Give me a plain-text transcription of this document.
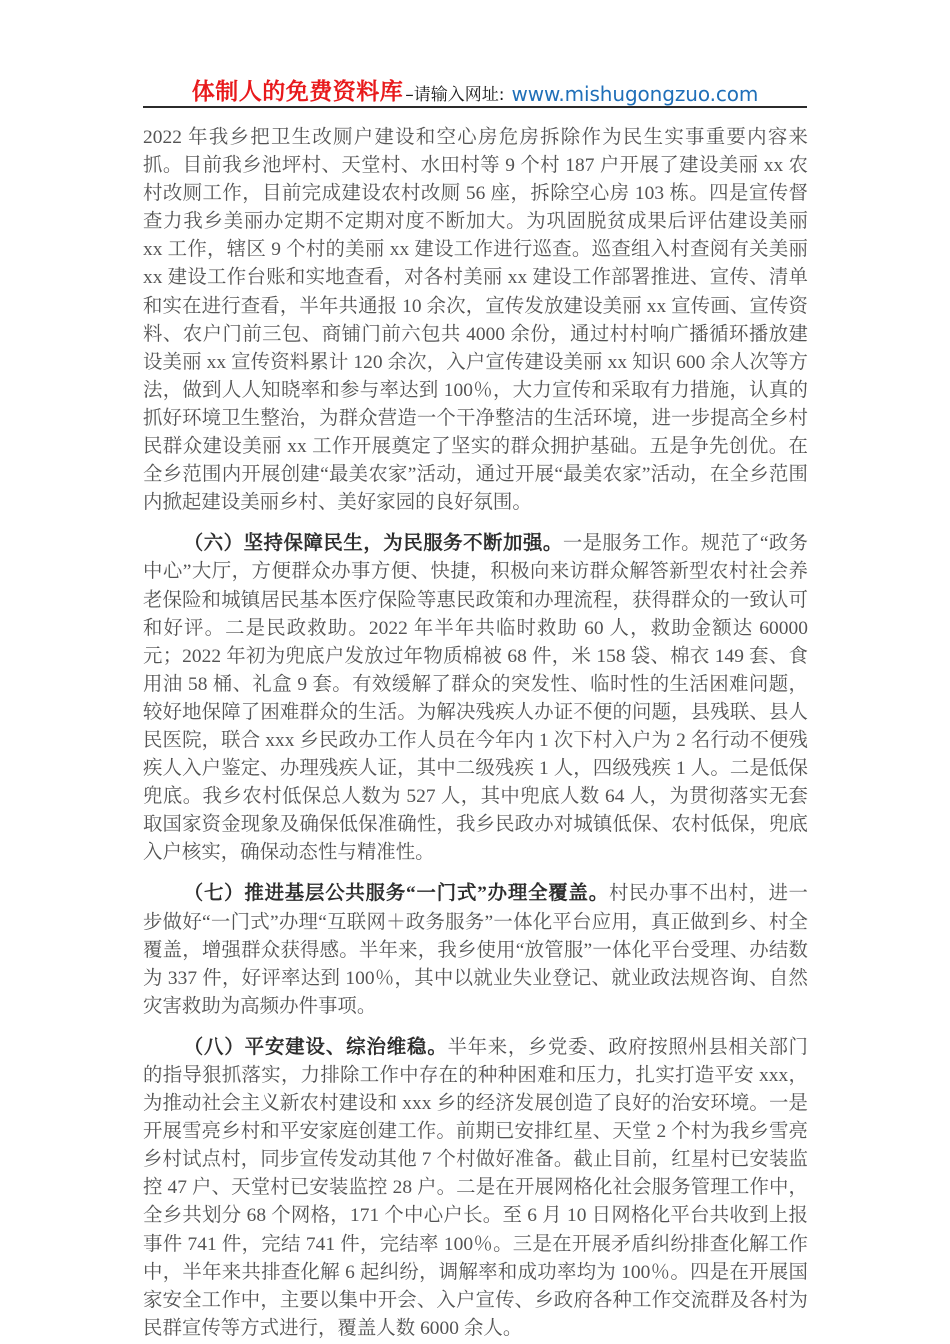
体制人的免费资料库 –请输入网址: www.mishugongzuo.com

2022 年我乡把卫生改厕户建设和空心房危房拆除作为民生实事重要内容来抓。目前我乡池坪村、天堂村、水田村等 9 个村 187 户开展了建设美丽 xx 农村改厕工作，目前完成建设农村改厕 56 座，拆除空心房 103 栋。四是宣传督查力我乡美丽办定期不定期对度不断加大。为巩固脱贫成果后评估建设美丽 xx 工作，辖区 9 个村的美丽 xx 建设工作进行巡查。巡查组入村查阅有关美丽 xx 建设工作台账和实地查看，对各村美丽 xx 建设工作部署推进、宣传、清单和实在进行查看，半年共通报 10 余次，宣传发放建设美丽 xx 宣传画、宣传资料、农户门前三包、商铺门前六包共 4000 余份，通过村村响广播循环播放建设美丽 xx 宣传资料累计 120 余次，入户宣传建设美丽 xx 知识 600 余人次等方法，做到人人知晓率和参与率达到 100％，大力宣传和采取有力措施，认真的抓好环境卫生整治，为群众营造一个干净整洁的生活环境，进一步提高全乡村民群众建设美丽 xx 工作开展奠定了坚实的群众拥护基础。五是争先创优。在全乡范围内开展创建“最美农家”活动，通过开展“最美农家”活动，在全乡范围内掀起建设美丽乡村、美好家园的良好氛围。

（六）坚持保障民生，为民服务不断加强。一是服务工作。规范了“政务中心”大厅，方便群众办事方便、快捷，积极向来访群众解答新型农村社会养老保险和城镇居民基本医疗保险等惠民政策和办理流程，获得群众的一致认可和好评。二是民政救助。2022 年半年共临时救助 60 人，救助金额达 60000 元；2022 年初为兜底户发放过年物质棉被 68 件，米 158 袋、棉衣 149 套、食用油 58 桶、礼盒 9 套。有效缓解了群众的突发性、临时性的生活困难问题，较好地保障了困难群众的生活。为解决残疾人办证不便的问题，县残联、县人民医院，联合 xxx 乡民政办工作人员在今年内 1 次下村入户为 2 名行动不便残疾人入户鉴定、办理残疾人证，其中二级残疾 1 人，四级残疾 1 人。二是低保兜底。我乡农村低保总人数为 527 人，其中兜底人数 64 人，为贯彻落实无套取国家资金现象及确保低保准确性，我乡民政办对城镇低保、农村低保，兜底入户核实，确保动态性与精准性。

（七）推进基层公共服务“一门式”办理全覆盖。村民办事不出村，进一步做好“一门式”办理“互联网＋政务服务”一体化平台应用，真正做到乡、村全覆盖，增强群众获得感。半年来，我乡使用“放管服”一体化平台受理、办结数为 337 件，好评率达到 100％，其中以就业失业登记、就业政法规咨询、自然灾害救助为高频办件事项。

（八）平安建设、综治维稳。半年来，乡党委、政府按照州县相关部门的指导狠抓落实，力排除工作中存在的种种困难和压力，扎实打造平安 xxx，为推动社会主义新农村建设和 xxx 乡的经济发展创造了良好的治安环境。一是开展雪亮乡村和平安家庭创建工作。前期已安排红星、天堂 2 个村为我乡雪亮乡村试点村，同步宣传发动其他 7 个村做好准备。截止目前，红星村已安装监控 47 户、天堂村已安装监控 28 户。二是在开展网格化社会服务管理工作中，全乡共划分 68 个网格，171 个中心户长。至 6 月 10 日网格化平台共收到上报事件 741 件，完结 741 件，完结率 100％。三是在开展矛盾纠纷排查化解工作中，半年来共排查化解 6 起纠纷，调解率和成功率均为 100％。四是在开展国家安全工作中，主要以集中开会、入户宣传、乡政府各种工作交流群及各村为民群宣传等方式进行，覆盖人数 6000 余人。
